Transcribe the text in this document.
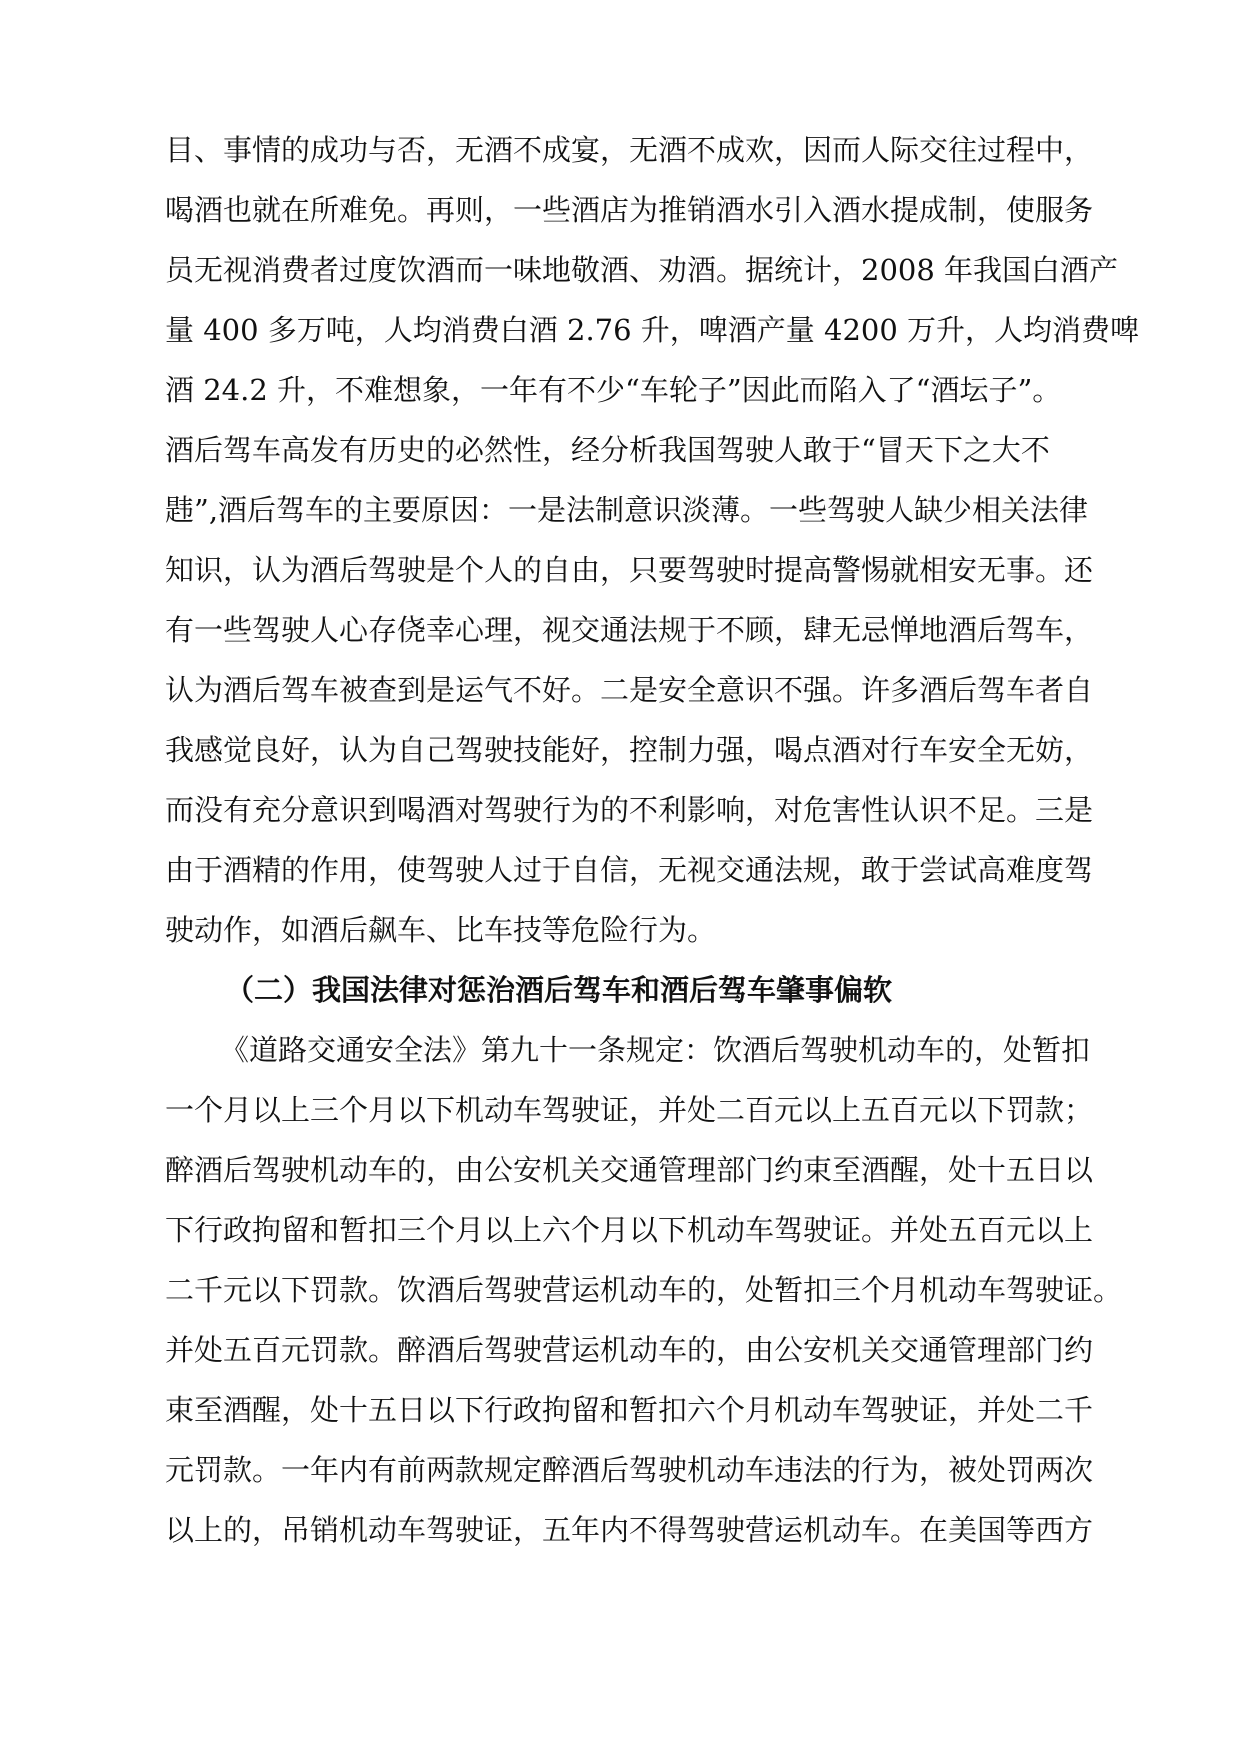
目、事情的成功与否，无酒不成宴，无酒不成欢，因而人际交往过程中，
喝酒也就在所难免。再则，一些酒店为推销酒水引入酒水提成制，使服务
员无视消费者过度饮酒而一味地敬酒、劝酒。据统计，2008 年我国白酒产
量 400 多万吨，人均消费白酒 2.76 升，啤酒产量 4200 万升，人均消费啤
酒 24.2 升，不难想象，一年有不少“车轮子”因此而陷入了“酒坛子”。
酒后驾车高发有历史的必然性，经分析我国驾驶人敢于“冒天下之大不
韪”,酒后驾车的主要原因：一是法制意识淡薄。一些驾驶人缺少相关法律
知识，认为酒后驾驶是个人的自由，只要驾驶时提高警惕就相安无事。还
有一些驾驶人心存侥幸心理，视交通法规于不顾，肆无忌惮地酒后驾车，
认为酒后驾车被查到是运气不好。二是安全意识不强。许多酒后驾车者自
我感觉良好，认为自己驾驶技能好，控制力强，喝点酒对行车安全无妨，
而没有充分意识到喝酒对驾驶行为的不利影响，对危害性认识不足。三是
由于酒精的作用，使驾驶人过于自信，无视交通法规，敢于尝试高难度驾
驶动作，如酒后飙车、比车技等危险行为。
（二）我国法律对惩治酒后驾车和酒后驾车肇事偏软
《道路交通安全法》第九十一条规定：饮酒后驾驶机动车的，处暂扣
一个月以上三个月以下机动车驾驶证，并处二百元以上五百元以下罚款；
醉酒后驾驶机动车的，由公安机关交通管理部门约束至酒醒，处十五日以
下行政拘留和暂扣三个月以上六个月以下机动车驾驶证。并处五百元以上
二千元以下罚款。饮酒后驾驶营运机动车的，处暂扣三个月机动车驾驶证。
并处五百元罚款。醉酒后驾驶营运机动车的，由公安机关交通管理部门约
束至酒醒，处十五日以下行政拘留和暂扣六个月机动车驾驶证，并处二千
元罚款。一年内有前两款规定醉酒后驾驶机动车违法的行为，被处罚两次
以上的，吊销机动车驾驶证，五年内不得驾驶营运机动车。在美国等西方
